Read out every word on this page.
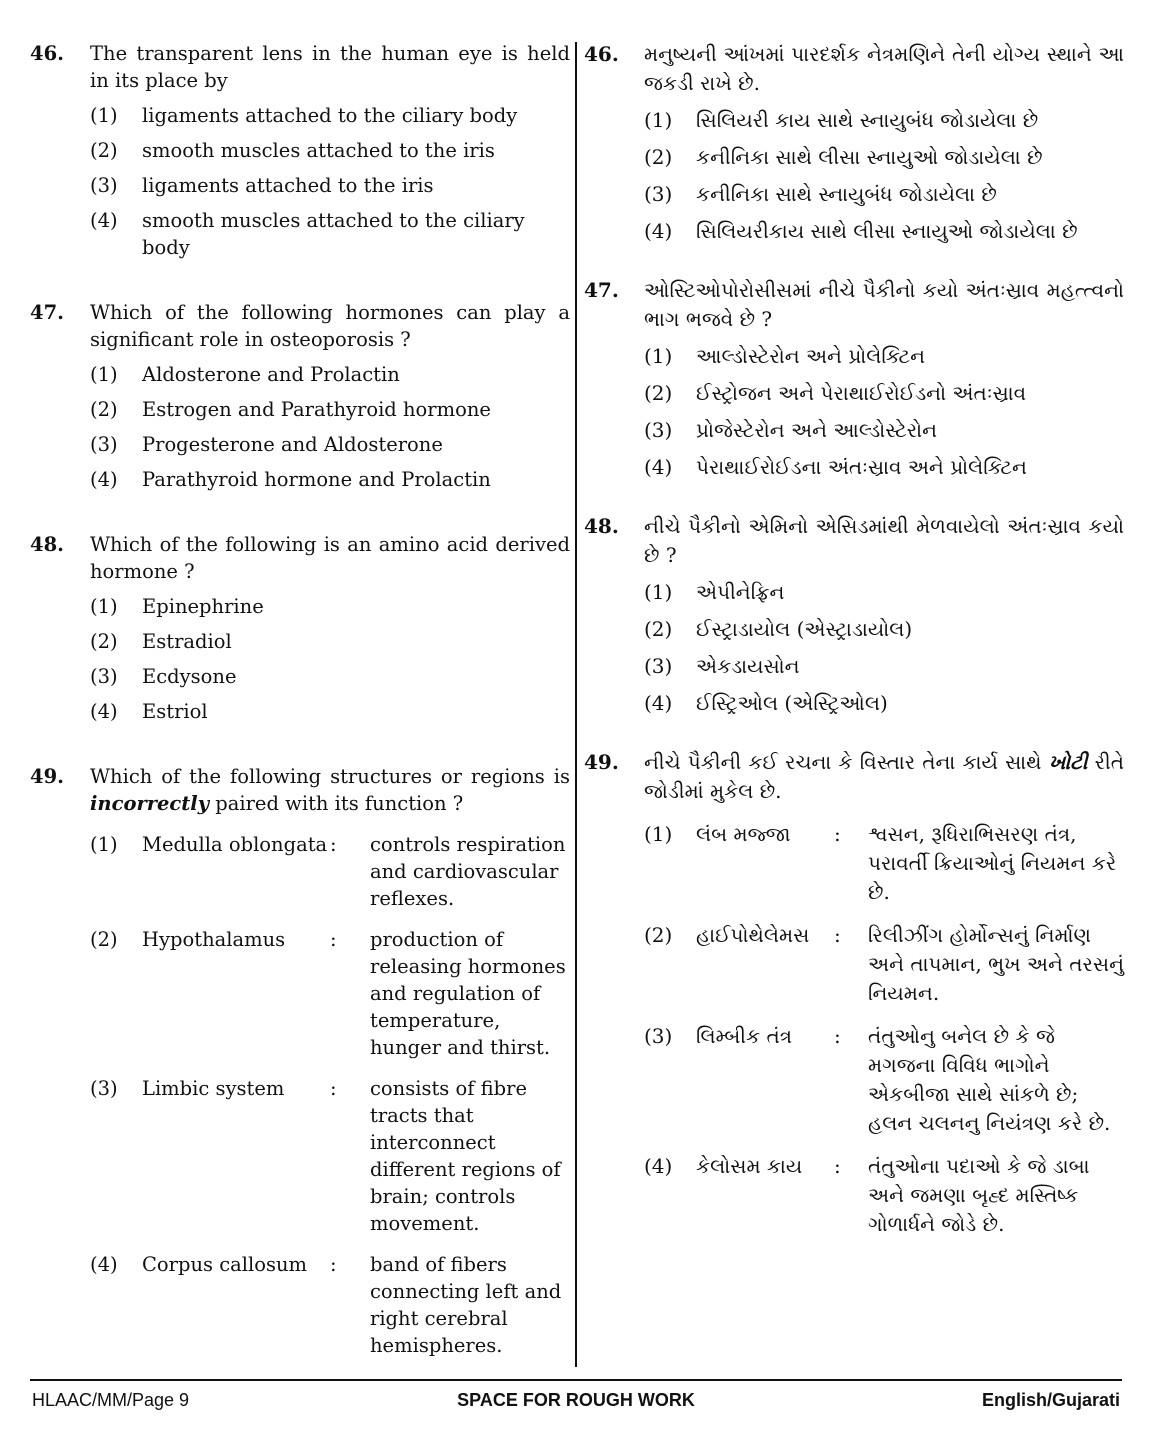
46.	The transparent lens in the human eye is held in its place by
(1)	ligaments attached to the ciliary body
(2)	smooth muscles attached to the iris
(3)	ligaments attached to the iris
(4)	smooth muscles attached to the ciliary body
47.	Which of the following hormones can play a significant role in osteoporosis ?
(1)	Aldosterone and Prolactin
(2)	Estrogen and Parathyroid hormone
(3)	Progesterone and Aldosterone
(4)	Parathyroid hormone and Prolactin
48.	Which of the following is an amino acid derived hormone ?
(1)	Epinephrine
(2)	Estradiol
(3)	Ecdysone
(4)	Estriol
49.	Which of the following structures or regions is incorrectly paired with its function ?
(1)	Medulla oblongata :	controls respiration and cardiovascular reflexes.
(2)	Hypothalamus	:	production of releasing hormones and regulation of temperature, hunger and thirst.
(3)	Limbic system	:	consists of fibre tracts that interconnect different regions of brain; controls movement.
(4)	Corpus callosum	:	band of fibers connecting left and right cerebral hemispheres.
46.	મનુષ્યની આંખમાં પારદર્શક નેત્રમણિને તેની યોગ્ય સ્થાને આ જકડી રાખે છે.
(1)	સિલિયરી કાય સાથે સ્નાયુબંધ જોડાયેલા છે
(2)	કનીનિકા સાથે લીસા સ્નાયુઓ જોડાયેલા છે
(3)	કનીનિકા સાથે સ્નાયુબંધ જોડાયેલા છે
(4)	સિલિયરીકાય સાથે લીસા સ્નાયુઓ જોડાયેલા છે
47.	ઓસ્ટિઓપોરોસીસમાં નીચે પૈકીનો કયો અંતઃસ્રાવ મહત્ત્વનો ભાગ ભજવે છે ?
(1)	આલ્ડોસ્ટેરોન અને પ્રોલેક્ટિન
(2)	ઈસ્ટ્રોજન અને પેરાથાઈરોઈડનો અંતઃસ્રાવ
(3)	પ્રોજેસ્ટેરોન અને આલ્ડોસ્ટેરોન
(4)	પેરાથાઈરોઈડના અંતઃસ્રાવ અને પ્રોલેક્ટિન
48.	નીચે પૈકીનો એમિનો એસિડમાંથી મેળવાયેલો અંતઃસ્રાવ કયો છે ?
(1)	એપીનેફ્રિન
(2)	ઈસ્ટ્રાડાયોલ (એસ્ટ્રાડાયોલ)
(3)	એકડાયસોન
(4)	ઈસ્ટ્રિઓલ (એસ્ટ્રિઓલ)
49.	નીચે પૈકીની કઈ રચના કે વિસ્તાર તેના કાર્ય સાથે ખોટી રીતે જોડીમાં મુકેલ છે.
(1)	લંબ મજ્જા	:	શ્વસન, રૂધિરાભિસરણ તંત્ર, પરાવર્તી ક્રિયાઓનું નિયમન કરે છે.
(2)	હાઈપોથેલેમસ	:	રિલીઝીંગ હોર્મોન્સનું નિર્માણ અને તાપમાન, ભુખ અને તરસનું નિયમન.
(3)	લિમ્બીક તંત્ર	:	તંતુઓનુ બનેલ છે કે જે મગજના વિવિધ ભાગોને એકબીજા સાથે સાંકળે છે; હલન ચલનનુ નિયંત્રણ કરે છે.
(4)	કેલોસમ કાય	:	તંતુઓના પદાઓ કે જે ડાબા અને જમણા બૃહ્દ મસ્તિષ્ક ગોળાર્ધને જોડે છે.
HLAAC/MM/Page 9	SPACE FOR ROUGH WORK	English/Gujarati
